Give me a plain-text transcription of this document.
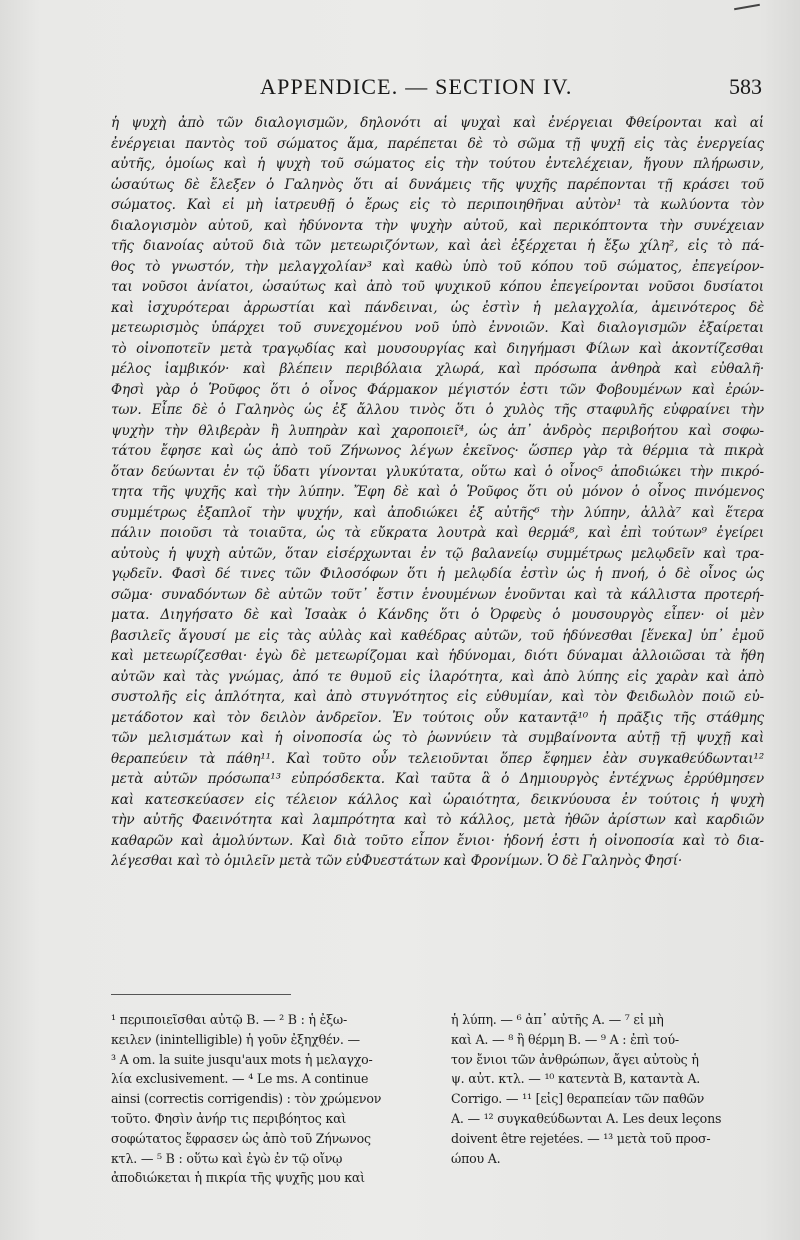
APPENDICE. — SECTION IV.	583
ἡ ψυχὴ ἀπὸ τῶν διαλογισμῶν, δηλονότι αἱ ψυχαὶ καὶ ἐνέργειαι Φθείρονται καὶ αἱ
ἐνέργειαι παντὸς τοῦ σώματος ἅμα, παρέπεται δὲ τὸ σῶμα τῇ ψυχῇ εἰς τὰς ἐνεργείας
αὐτῆς, ὁμοίως καὶ ἡ ψυχὴ τοῦ σώματος εἰς τὴν τούτου ἐντελέχειαν, ἤγουν πλήρωσιν,
ὡσαύτως δὲ ἔλεξεν ὁ Γαληνὸς ὅτι αἱ δυνάμεις τῆς ψυχῆς παρέπονται τῇ κράσει τοῦ
σώματος. Καὶ εἰ μὴ ἰατρευθῇ ὁ ἔρως εἰς τὸ περιποιηθῆναι αὐτὸν¹ τὰ κωλύοντα τὸν
διαλογισμὸν αὐτοῦ, καὶ ἠδύνοντα τὴν ψυχὴν αὐτοῦ, καὶ περικόπτοντα τὴν συνέχειαν
τῆς διανοίας αὐτοῦ διὰ τῶν μετεωριζόντων, καὶ ἀεὶ ἐξέρχεται ἡ ἔξω χίλη², εἰς τὸ πά-
θος τὸ γνωστόν, τὴν μελαγχολίαν³ καὶ καθὼ ὑπὸ τοῦ κόπου τοῦ σώματος, ἐπεγείρον-
ται νοῦσοι ἀνίατοι, ὡσαύτως καὶ ἀπὸ τοῦ ψυχικοῦ κόπου ἐπεγείρονται νοῦσοι δυσίατοι
καὶ ἰσχυρότεραι ἀρρωστίαι καὶ πάνδειναι, ὡς ἐστὶν ἡ μελαγχολία, ἀμεινότερος δὲ
μετεωρισμὸς ὑπάρχει τοῦ συνεχομένου νοῦ ὑπὸ ἐννοιῶν. Καὶ διαλογισμῶν ἐξαίρεται
τὸ οἰνοποτεῖν μετὰ τραγῳδίας καὶ μουσουργίας καὶ διηγήμασι Φίλων καὶ ἀκοντίζεσθαι
μέλος ἰαμβικόν· καὶ βλέπειν περιβόλαια χλωρά, καὶ πρόσωπα ἀνθηρὰ καὶ εὐθαλῆ·
Φησὶ γὰρ ὁ Ῥοῦφος ὅτι ὁ οἶνος Φάρμακον μέγιστόν ἐστι τῶν Φοβουμένων καὶ ἐρών-
των. Εἶπε δὲ ὁ Γαληνὸς ὡς ἐξ ἄλλου τινὸς ὅτι ὁ χυλὸς τῆς σταφυλῆς εὐφραίνει τὴν
ψυχὴν τὴν θλιβερὰν ἢ λυπηρὰν καὶ χαροποιεῖ⁴, ὡς ἀπ᾿ ἀνδρὸς περιβοήτου καὶ σοφω-
τάτου ἔφησε καὶ ὡς ἀπὸ τοῦ Ζήνωνος λέγων ἐκεῖνος· ὥσπερ γὰρ τὰ θέρμια τὰ πικρὰ
ὅταν δεύωνται ἐν τῷ ὕδατι γίνονται γλυκύτατα, οὕτω καὶ ὁ οἶνος⁵ ἀποδιώκει τὴν πικρό-
τητα τῆς ψυχῆς καὶ τὴν λύπην. Ἔφη δὲ καὶ ὁ Ῥοῦφος ὅτι οὐ μόνον ὁ οἶνος πινόμενος
συμμέτρως ἐξαπλοῖ τὴν ψυχήν, καὶ ἀποδιώκει ἐξ αὐτῆς⁶ τὴν λύπην, ἀλλὰ⁷ καὶ ἕτερα
πάλιν ποιοῦσι τὰ τοιαῦτα, ὡς τὰ εὔκρατα λουτρὰ καὶ θερμά⁸, καὶ ἐπὶ τούτων⁹ ἐγείρει
αὐτοὺς ἡ ψυχὴ αὐτῶν, ὅταν εἰσέρχωνται ἐν τῷ βαλανείῳ συμμέτρως μελῳδεῖν καὶ τρα-
γῳδεῖν. Φασὶ δέ τινες τῶν Φιλοσόφων ὅτι ἡ μελῳδία ἐστὶν ὡς ἡ πνοή, ὁ δὲ οἶνος ὡς
σῶμα· συναδόντων δὲ αὐτῶν τοῦτ᾿ ἔστιν ἑνουμένων ἑνοῦνται καὶ τὰ κάλλιστα προτερή-
ματα. Διηγήσατο δὲ καὶ Ἰσαὰκ ὁ Κάνδης ὅτι ὁ Ὀρφεὺς ὁ μουσουργὸς εἶπεν· οἱ μὲν
βασιλεῖς ἄγουσί με εἰς τὰς αὐλὰς καὶ καθέδρας αὐτῶν, τοῦ ἡδύνεσθαι [ἕνεκα] ὑπ᾿ ἐμοῦ
καὶ μετεωρίζεσθαι· ἐγὼ δὲ μετεωρίζομαι καὶ ἡδύνομαι, διότι δύναμαι ἀλλοιῶσαι τὰ ἤθη
αὐτῶν καὶ τὰς γνώμας, ἀπό τε θυμοῦ εἰς ἱλαρότητα, καὶ ἀπὸ λύπης εἰς χαρὰν καὶ ἀπὸ
συστολῆς εἰς ἁπλότητα, καὶ ἀπὸ στυγνότητος εἰς εὐθυμίαν, καὶ τὸν Φειδωλὸν ποιῶ εὐ-
μετάδοτον καὶ τὸν δειλὸν ἀνδρεῖον. Ἐν τούτοις οὖν καταντᾷ¹⁰ ἡ πρᾶξις τῆς στάθμης
τῶν μελισμάτων καὶ ἡ οἰνοποσία ὡς τὸ ῥωννύειν τὰ συμβαίνοντα αὐτῇ τῇ ψυχῇ καὶ
θεραπεύειν τὰ πάθη¹¹. Καὶ τοῦτο οὖν τελειοῦνται ὅπερ ἔφημεν ἐὰν συγκαθεύδωνται¹²
μετὰ αὐτῶν πρόσωπα¹³ εὐπρόσδεκτα. Καὶ ταῦτα ἃ ὁ Δημιουργὸς ἐντέχνως ἐρρύθμησεν
καὶ κατεσκεύασεν εἰς τέλειον κάλλος καὶ ὡραιότητα, δεικνύουσα ἐν τούτοις ἡ ψυχὴ
τὴν αὐτῆς Φαεινότητα καὶ λαμπρότητα καὶ τὸ κάλλος, μετὰ ἠθῶν ἀρίστων καὶ καρδιῶν
καθαρῶν καὶ ἀμολύντων. Καὶ διὰ τοῦτο εἶπον ἔνιοι· ἡδονή ἐστι ἡ οἰνοποσία καὶ τὸ δια-
λέγεσθαι καὶ τὸ ὁμιλεῖν μετὰ τῶν εὐΦυεστάτων καὶ Φρονίμων. Ὁ δὲ Γαληνὸς Φησί·
¹ περιποιεῖσθαι αὐτῷ B. — ² B : ἡ ἐξω-
κειλεν (inintelligible) ἡ γοῦν ἐξηχθέν. —
³ A om. la suite jusqu'aux mots ἡ μελαγχο-
λία exclusivement. — ⁴ Le ms. A continue
ainsi (correctis corrigendis) : τὸν χρώμενον
τοῦτο. Φησὶν ἀνήρ τις περιβόητος καὶ
σοφώτατος ἔφρασεν ὡς ἀπὸ τοῦ Ζήνωνος
κτλ. — ⁵ B : οὕτω καὶ ἐγὼ ἐν τῷ οἴνῳ
ἀποδιώκεται ἡ πικρία τῆς ψυχῆς μου καὶ
ἡ λύπη. — ⁶ ἀπ᾿ αὐτῆς A. — ⁷ εἰ μὴ
καὶ A. — ⁸ ἢ θέρμη B. — ⁹ A : ἐπὶ τού-
τον ἔνιοι τῶν ἀνθρώπων, ἄγει αὐτοὺς ἡ
ψ. αὐτ. κτλ. — ¹⁰ κατεντὰ B, καταντὰ A.
Corrigo. — ¹¹ [εἰς] θεραπείαν τῶν παθῶν
A. — ¹² συγκαθεύδωνται A. Les deux leçons
doivent être rejetées. — ¹³ μετὰ τοῦ προσ-
ώπου A.
